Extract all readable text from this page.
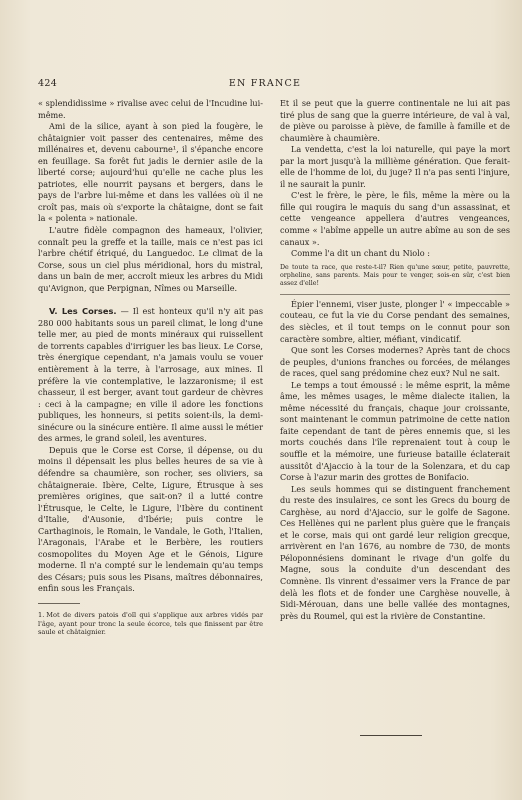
424	EN FRANCE

« splendidissime » rivalise avec celui de l'Incudine lui-même.

Ami de la silice, ayant à son pied la fougère, le châtaignier voit passer des centenaires, même des millénaires et, devenu cabourne¹, il s'épanche encore en feuillage. Sa forêt fut jadis le dernier asile de la liberté corse; aujourd'hui qu'elle ne cache plus les patriotes, elle nourrit paysans et bergers, dans le pays de l'arbre lui-même et dans les vallées où il ne croît pas, mais où s'exporte la châtaigne, dont se fait la « polenta » nationale.

L'autre fidèle compagnon des hameaux, l'olivier, connaît peu la greffe et la taille, mais ce n'est pas ici l'arbre chétif étriqué, du Languedoc. Le climat de la Corse, sous un ciel plus méridional, hors du mistral, dans un bain de mer, accroît mieux les arbres du Midi qu'Avignon, que Perpignan, Nîmes ou Marseille.

V. Les Corses. — Il est honteux qu'il n'y ait pas 280 000 habitants sous un pareil climat, le long d'une telle mer, au pied de monts minéraux qui ruissellent de torrents capables d'irriguer les bas lieux. Le Corse, très énergique cependant, n'a jamais voulu se vouer entièrement à la terre, à l'arrosage, aux mines. Il préfère la vie contemplative, le lazzaronisme; il est chasseur, il est berger, avant tout gardeur de chèvres : ceci à la campagne; en ville il adore les fonctions publiques, les honneurs, si petits soient-ils, la demi-sinécure ou la sinécure entière. Il aime aussi le métier des armes, le grand soleil, les aventures.

Depuis que le Corse est Corse, il dépense, ou du moins il dépensait les plus belles heures de sa vie à défendre sa chaumière, son rocher, ses oliviers, sa châtaigneraie. Ibère, Celte, Ligure, Étrusque à ses premières origines, que sait-on? il a lutté contre l'Étrusque, le Celte, le Ligure, l'Ibère du continent d'Italie, d'Ausonie, d'Ibérie; puis contre le Carthaginois, le Romain, le Vandale, le Goth, l'Italien, l'Aragonais, l'Arabe et le Berbère, les routiers cosmopolites du Moyen Age et le Génois, Ligure moderne. Il n'a compté sur le lendemain qu'au temps des Césars; puis sous les Pisans, maîtres débonnaires, enfin sous les Français.

1. Mot de divers patois d'oïl qui s'applique aux arbres vidés par l'âge, ayant pour tronc la seule écorce, tels que finissent par être saule et châtaignier.

Et il se peut que la guerre continentale ne lui ait pas tiré plus de sang que la guerre intérieure, de val à val, de piève ou paroisse à piève, de famille à famille et de chaumière à chaumière.

La vendetta, c'est la loi naturelle, qui paye la mort par la mort jusqu'à la millième génération. Que ferait-elle de l'homme de loi, du juge? Il n'a pas senti l'injure, il ne saurait la punir.

C'est le frère, le père, le fils, même la mère ou la fille qui rougira le maquis du sang d'un assassinat, et cette vengeance appellera d'autres vengeances, comme « l'abîme appelle un autre abîme au son de ses canaux ».

Comme l'a dit un chant du Niolo :

De toute ta race, que reste-t-il? Rien qu'une sœur, petite, pauvrette, orpheline, sans parents. Mais pour te venger, sois-en sûr, c'est bien assez d'elle!

Épier l'ennemi, viser juste, plonger l' « impeccable » couteau, ce fut la vie du Corse pendant des semaines, des siècles, et il tout temps on le connut pour son caractère sombre, altier, méfiant, vindicatif.

Que sont les Corses modernes? Après tant de chocs de peuples, d'unions franches ou forcées, de mélanges de races, quel sang prédomine chez eux? Nul ne sait.

Le temps a tout émoussé : le même esprit, la même âme, les mêmes usages, le même dialecte italien, la même nécessité du français, chaque jour croissante, sont maintenant le commun patrimoine de cette nation faite cependant de tant de pères ennemis que, si les morts couchés dans l'île reprenaient tout à coup le souffle et la mémoire, une furieuse bataille éclaterait aussitôt d'Ajaccio à la tour de la Solenzara, et du cap Corse à l'azur marin des grottes de Bonifacio.

Les seuls hommes qui se distinguent franchement du reste des insulaires, ce sont les Grecs du bourg de Carghèse, au nord d'Ajaccio, sur le golfe de Sagone. Ces Hellènes qui ne parlent plus guère que le français et le corse, mais qui ont gardé leur religion grecque, arrivèrent en l'an 1676, au nombre de 730, de monts Péloponnésiens dominant le rivage d'un golfe du Magne, sous la conduite d'un descendant des Comnène. Ils vinrent d'essaimer vers la France de par delà les flots et de fonder une Carghèse nouvelle, à Sidi-Mérouan, dans une belle vallée des montagnes, près du Roumel, qui est la rivière de Constantine.
